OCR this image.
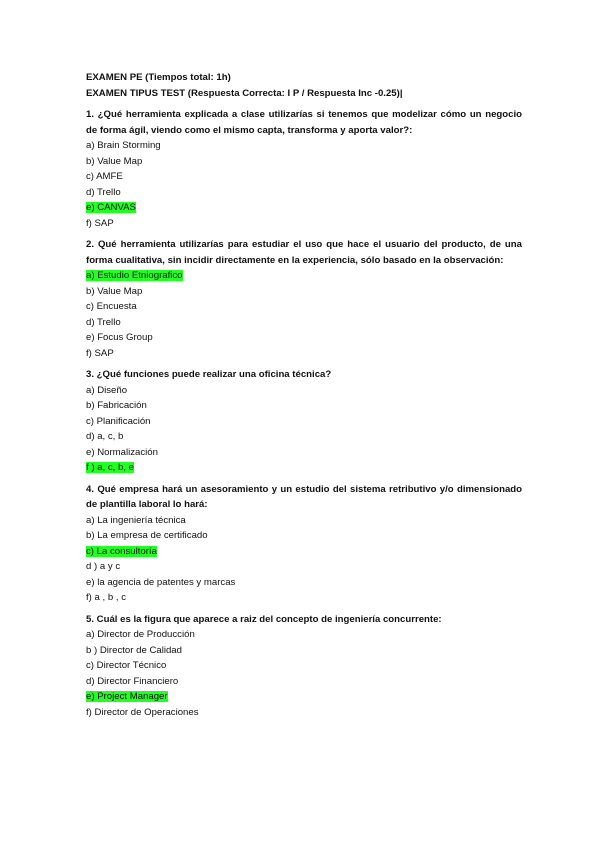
EXAMEN PE (Tiempos total: 1h)
EXAMEN TIPUS TEST (Respuesta Correcta: I P / Respuesta Inc -0.25)|
1. ¿Qué herramienta explicada a clase utilizarías si tenemos que modelizar cómo un negocio de forma ágil, viendo como el mismo capta, transforma y aporta valor?:
a) Brain Storming
b) Value Map
c) AMFE
d) Trello
e) CANVAS
f) SAP
2. Qué herramienta utilizarías para estudiar el uso que hace el usuario del producto, de una forma cualitativa, sin incidir directamente en la experiencia, sólo basado en la observación:
a) Estudio Etniografico
b) Value Map
c) Encuesta
d) Trello
e) Focus Group
f) SAP
3. ¿Qué funciones puede realizar una oficina técnica?
a) Diseño
b) Fabricación
c) Planificación
d) a, c, b
e) Normalización
f ) a, c, b, e
4. Qué empresa hará un asesoramiento y un estudio del sistema retributivo y/o dimensionado de plantilla laboral lo hará:
a) La ingeniería técnica
b) La empresa de certificado
c) La consultoría
d ) a y c
e) la agencia de patentes y marcas
f) a , b , c
5. Cuál es la figura que aparece a raiz del concepto de ingeniería concurrente:
a) Director de Producción
b ) Director de Calidad
c) Director Técnico
d) Director Financiero
e) Project Manager
f) Director de Operaciones
